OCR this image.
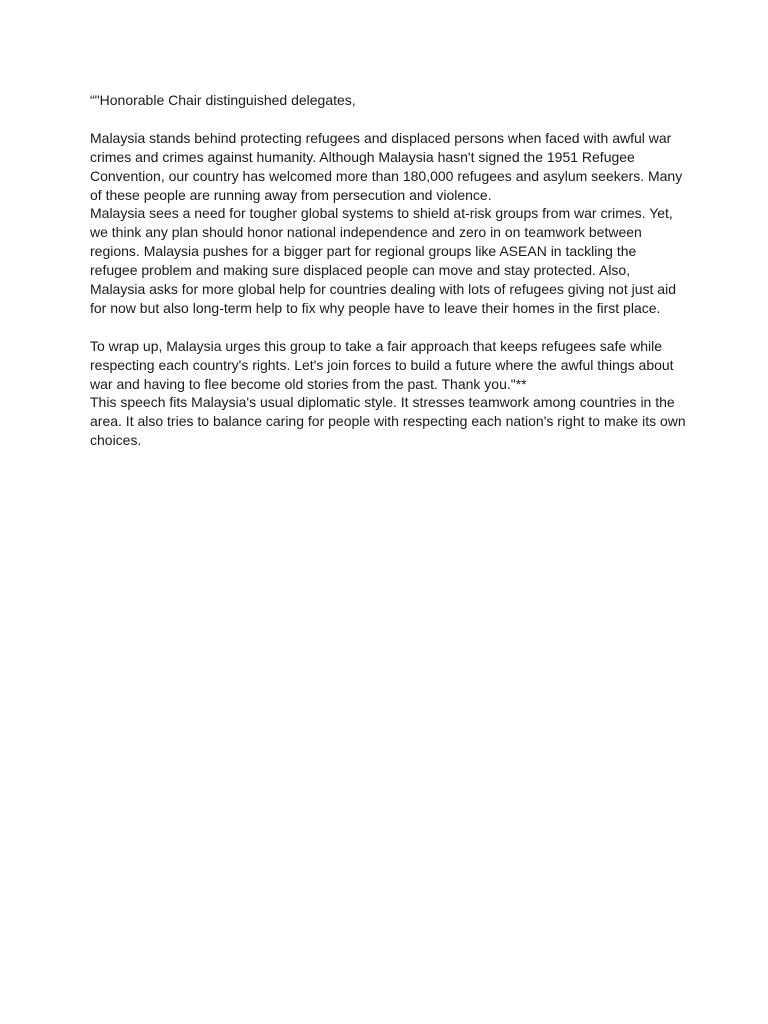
“"Honorable Chair distinguished delegates,
Malaysia stands behind protecting refugees and displaced persons when faced with awful war
crimes and crimes against humanity. Although Malaysia hasn't signed the 1951 Refugee
Convention, our country has welcomed more than 180,000 refugees and asylum seekers. Many
of these people are running away from persecution and violence.
Malaysia sees a need for tougher global systems to shield at-risk groups from war crimes. Yet,
we think any plan should honor national independence and zero in on teamwork between
regions. Malaysia pushes for a bigger part for regional groups like ASEAN in tackling the
refugee problem and making sure displaced people can move and stay protected. Also,
Malaysia asks for more global help for countries dealing with lots of refugees giving not just aid
for now but also long-term help to fix why people have to leave their homes in the first place.
To wrap up, Malaysia urges this group to take a fair approach that keeps refugees safe while
respecting each country's rights. Let's join forces to build a future where the awful things about
war and having to flee become old stories from the past. Thank you."**
This speech fits Malaysia's usual diplomatic style. It stresses teamwork among countries in the
area. It also tries to balance caring for people with respecting each nation's right to make its own
choices.
